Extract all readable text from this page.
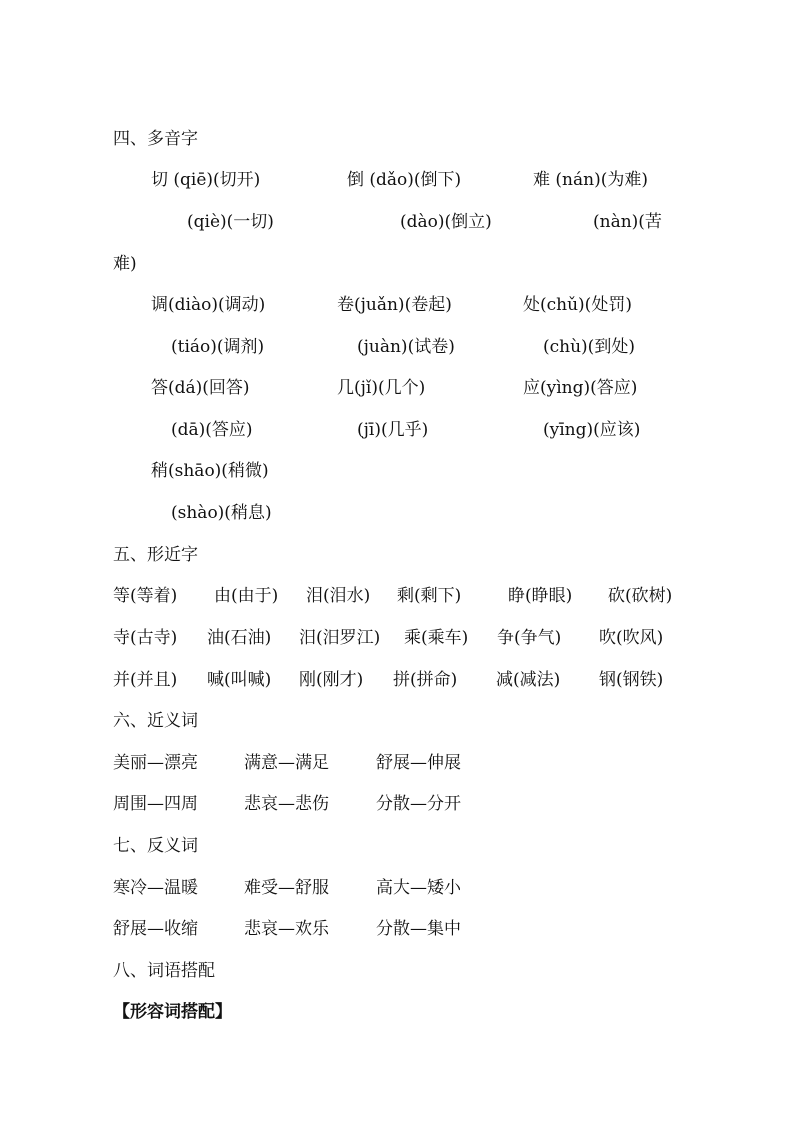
四、多音字
切 (qiē)(切开)	倒 (dǎo)(倒下)	难 (nán)(为难)
(qiè)(一切)	(dào)(倒立)	(nàn)(苦
难)
调(diào)(调动)	卷(juǎn)(卷起)	处(chǔ)(处罚)
(tiáo)(调剂)	(juàn)(试卷)	(chù)(到处)
答(dá)(回答)	几(jǐ)(几个)	应(yìng)(答应)
(dā)(答应)	(jī)(几乎)	(yīng)(应该)
稍(shāo)(稍微)
(shào)(稍息)
五、形近字
等(等着) 由(由于) 泪(泪水) 剩(剩下)	睁(睁眼) 砍(砍树)
寺(古寺) 油(石油) 汨(汨罗江) 乘(乘车) 争(争气) 吹(吹风)
并(并且) 喊(叫喊) 刚(刚才) 拼(拼命) 减(减法) 钢(钢铁)
六、近义词
美丽—漂亮	满意—满足	舒展—伸展
周围—四周	悲哀—悲伤	分散—分开
七、反义词
寒冷—温暖	难受—舒服	高大—矮小
舒展—收缩	悲哀—欢乐	分散—集中
八、词语搭配
【形容词搭配】
